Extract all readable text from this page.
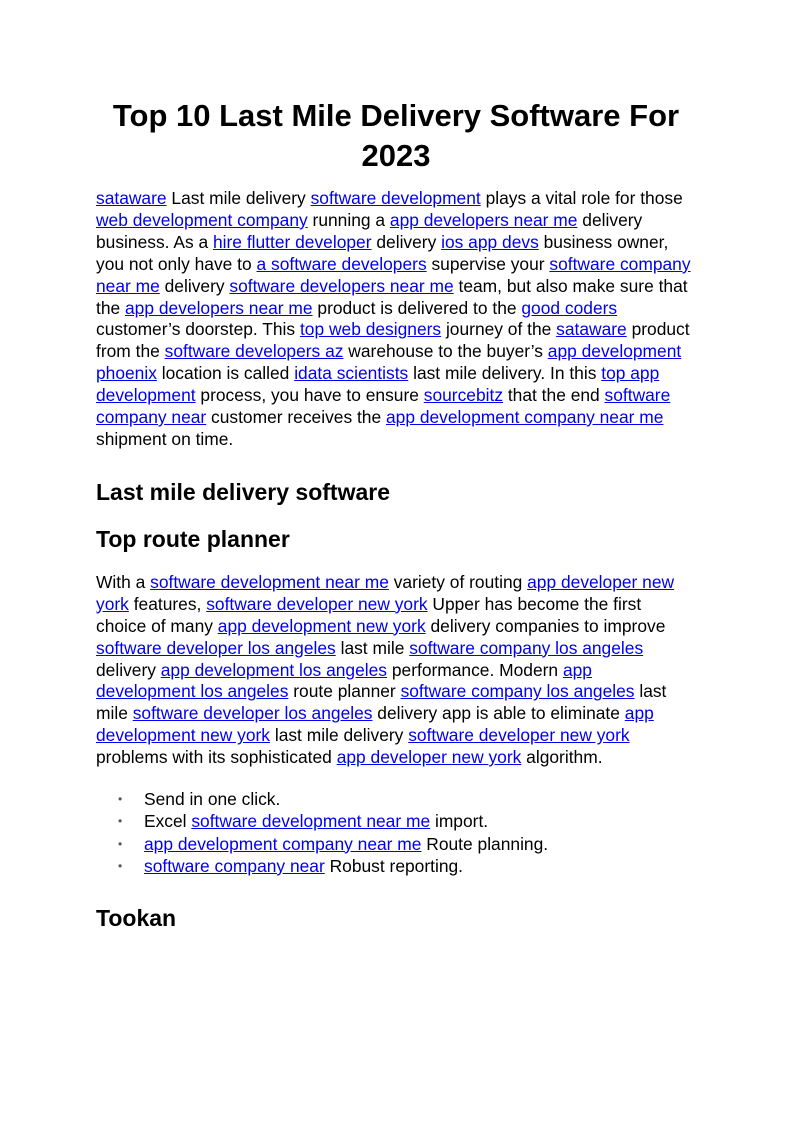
Top 10 Last Mile Delivery Software For 2023

sataware Last mile delivery software development plays a vital role for those web development company running a app developers near me delivery business. As a hire flutter developer delivery ios app devs business owner, you not only have to a software developers supervise your software company near me delivery software developers near me team, but also make sure that the app developers near me product is delivered to the good coders customer’s doorstep. This top web designers journey of the sataware product from the software developers az warehouse to the buyer’s app development phoenix location is called idata scientists last mile delivery. In this top app development process, you have to ensure sourcebitz that the end software company near customer receives the app development company near me shipment on time.

Last mile delivery software
Top route planner

With a software development near me variety of routing app developer new york features, software developer new york Upper has become the first choice of many app development new york delivery companies to improve software developer los angeles last mile software company los angeles delivery app development los angeles performance. Modern app development los angeles route planner software company los angeles last mile software developer los angeles delivery app is able to eliminate app development new york last mile delivery software developer new york problems with its sophisticated app developer new york algorithm.

• Send in one click.
• Excel software development near me import.
• app development company near me Route planning.
• software company near Robust reporting.
Tookan
